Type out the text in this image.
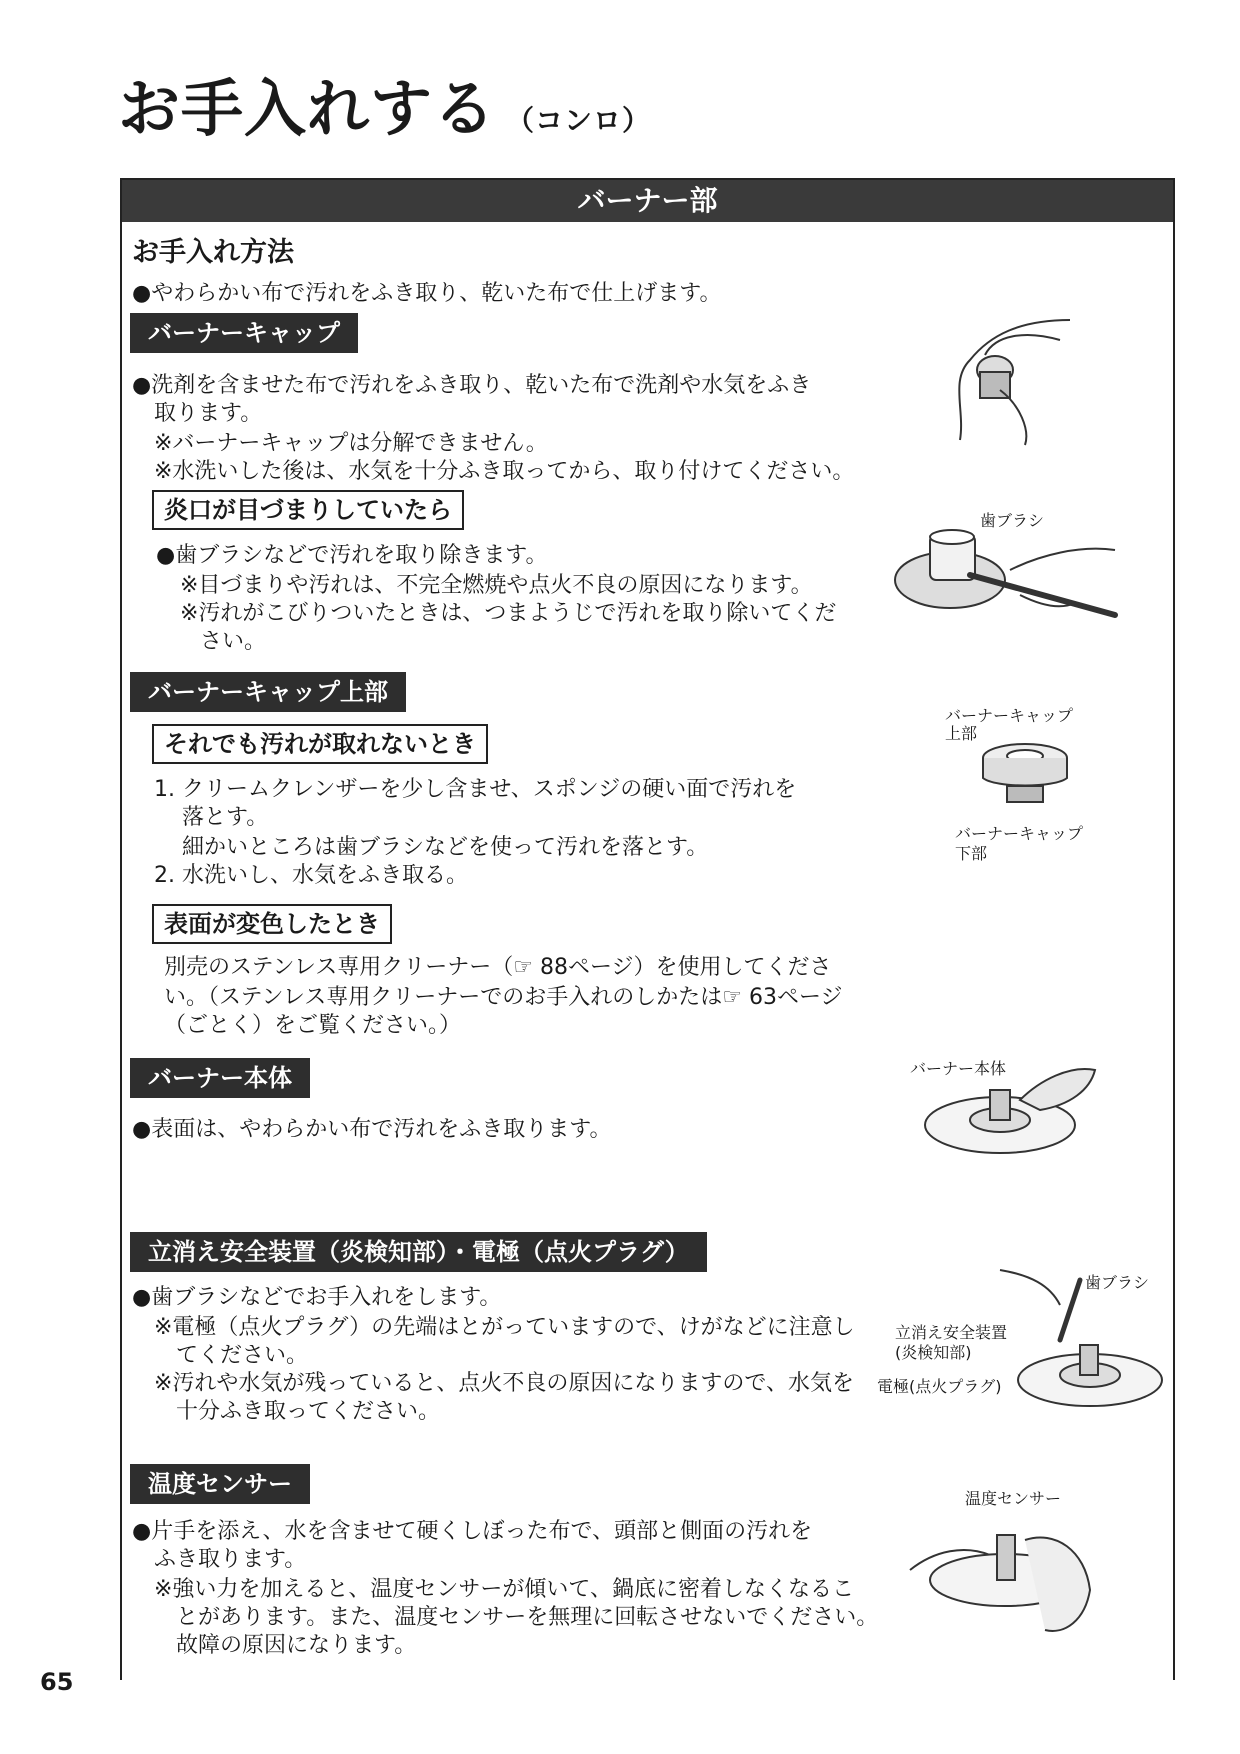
お手入れする （コンロ）
バーナー部
お手入れ方法
●やわらかい布で汚れをふき取り、乾いた布で仕上げます。
バーナーキャップ
●洗剤を含ませた布で汚れをふき取り、乾いた布で洗剤や水気をふき
取ります。
※バーナーキャップは分解できません。
※水洗いした後は、水気を十分ふき取ってから、取り付けてください。
炎口が目づまりしていたら
●歯ブラシなどで汚れを取り除きます。
※目づまりや汚れは、不完全燃焼や点火不良の原因になります。
※汚れがこびりついたときは、つまようじで汚れを取り除いてくだ
さい。
バーナーキャップ上部
それでも汚れが取れないとき
1. クリームクレンザーを少し含ませ、スポンジの硬い面で汚れを
落とす。
細かいところは歯ブラシなどを使って汚れを落とす。
2. 水洗いし、水気をふき取る。
表面が変色したとき
別売のステンレス専用クリーナー（☞ 88ページ）を使用してくださ
い。（ステンレス専用クリーナーでのお手入れのしかたは☞ 63ページ
（ごとく）をご覧ください。）
バーナー本体
●表面は、やわらかい布で汚れをふき取ります。
立消え安全装置（炎検知部）・電極（点火プラグ）
●歯ブラシなどでお手入れをします。
※電極（点火プラグ）の先端はとがっていますので、けがなどに注意し
てください。
※汚れや水気が残っていると、点火不良の原因になりますので、水気を
十分ふき取ってください。
温度センサー
●片手を添え、水を含ませて硬くしぼった布で、頭部と側面の汚れを
ふき取ります。
※強い力を加えると、温度センサーが傾いて、鍋底に密着しなくなるこ
とがあります。また、温度センサーを無理に回転させないでください。
故障の原因になります。
歯ブラシ
バーナーキャップ
上部
バーナーキャップ
下部
バーナー本体
歯ブラシ
立消え安全装置
(炎検知部)
電極(点火プラグ)
温度センサー
65
